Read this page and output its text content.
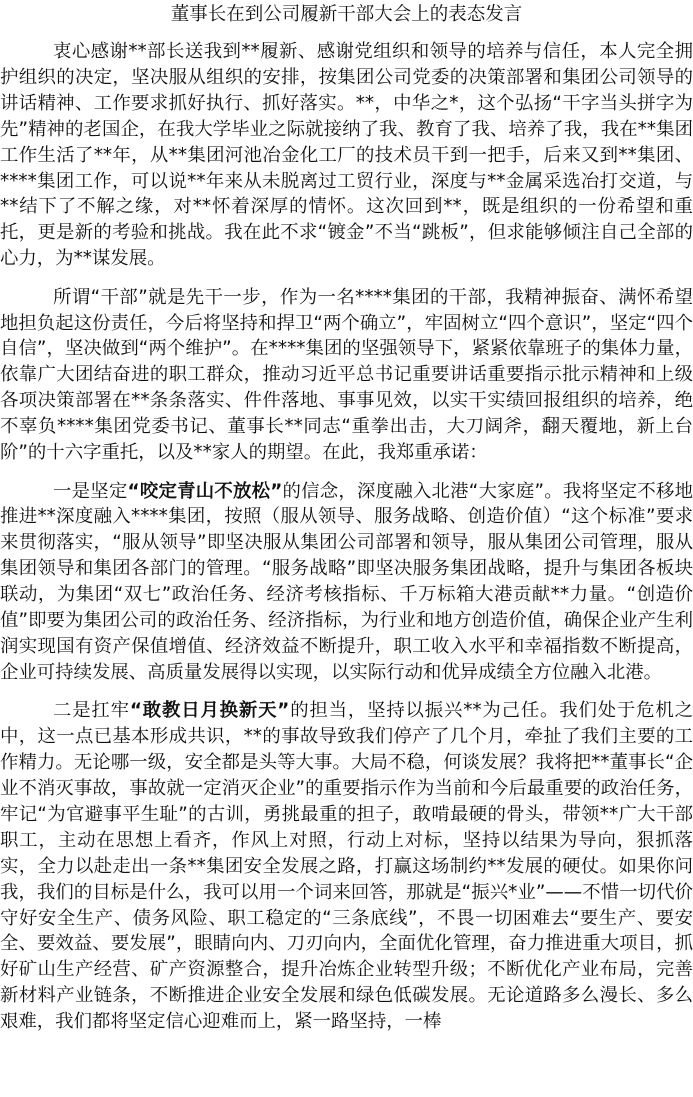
董事长在到公司履新干部大会上的表态发言

衷心感谢**部长送我到**履新、感谢党组织和领导的培养与信任，本人完全拥护组织的决定，坚决服从组织的安排，按集团公司党委的决策部署和集团公司领导的讲话精神、工作要求抓好执行、抓好落实。**，中华之*，这个弘扬“干字当头拼字为先”精神的老国企，在我大学毕业之际就接纳了我、教育了我、培养了我，我在**集团工作生活了**年，从**集团河池冶金化工厂的技术员干到一把手，后来又到**集团、****集团工作，可以说**年来从未脱离过工贸行业，深度与**金属采选冶打交道，与**结下了不解之缘，对**怀着深厚的情怀。这次回到**，既是组织的一份希望和重托，更是新的考验和挑战。我在此不求“镀金”不当“跳板”，但求能够倾注自己全部的心力，为**谋发展。

所谓“干部”就是先干一步，作为一名****集团的干部，我精神振奋、满怀希望地担负起这份责任，今后将坚持和捍卫“两个确立”，牢固树立“四个意识”，坚定“四个自信”，坚决做到“两个维护”。在****集团的坚强领导下，紧紧依靠班子的集体力量，依靠广大团结奋进的职工群众，推动习近平总书记重要讲话重要指示批示精神和上级各项决策部署在**条条落实、件件落地、事事见效，以实干实绩回报组织的培养，绝不辜负****集团党委书记、董事长**同志“重拳出击，大刀阔斧，翻天覆地，新上台阶”的十六字重托，以及**家人的期望。在此，我郑重承诺：

一是坚定“咬定青山不放松”的信念，深度融入北港“大家庭”。我将坚定不移地推进**深度融入****集团，按照（服从领导、服务战略、创造价值）“这个标准”要求来贯彻落实，“服从领导”即坚决服从集团公司部署和领导，服从集团公司管理，服从集团领导和集团各部门的管理。“服务战略”即坚决服务集团战略，提升与集团各板块联动，为集团“双七”政治任务、经济考核指标、千万标箱大港贡献**力量。“创造价值”即要为集团公司的政治任务、经济指标，为行业和地方创造价值，确保企业产生利润实现国有资产保值增值、经济效益不断提升，职工收入水平和幸福指数不断提高，企业可持续发展、高质量发展得以实现，以实际行动和优异成绩全方位融入北港。

二是扛牢“敢教日月换新天”的担当，坚持以振兴**为己任。我们处于危机之中，这一点已基本形成共识，**的事故导致我们停产了几个月，牵扯了我们主要的工作精力。无论哪一级，安全都是头等大事。大局不稳，何谈发展？我将把**董事长“企业不消灭事故，事故就一定消灭企业”的重要指示作为当前和今后最重要的政治任务，牢记“为官避事平生耻”的古训，勇挑最重的担子，敢啃最硬的骨头，带领**广大干部职工，主动在思想上看齐，作风上对照，行动上对标，坚持以结果为导向，狠抓落实，全力以赴走出一条**集团安全发展之路，打赢这场制约**发展的硬仗。如果你问我，我们的目标是什么，我可以用一个词来回答，那就是“振兴*业”——不惜一切代价守好安全生产、债务风险、职工稳定的“三条底线”，不畏一切困难去“要生产、要安全、要效益、要发展”，眼睛向内、刀刃向内，全面优化管理，奋力推进重大项目，抓好矿山生产经营、矿产资源整合，提升冶炼企业转型升级；不断优化产业布局，完善新材料产业链条，不断推进企业安全发展和绿色低碳发展。无论道路多么漫长、多么艰难，我们都将坚定信心迎难而上，紧一路坚持，一棒
